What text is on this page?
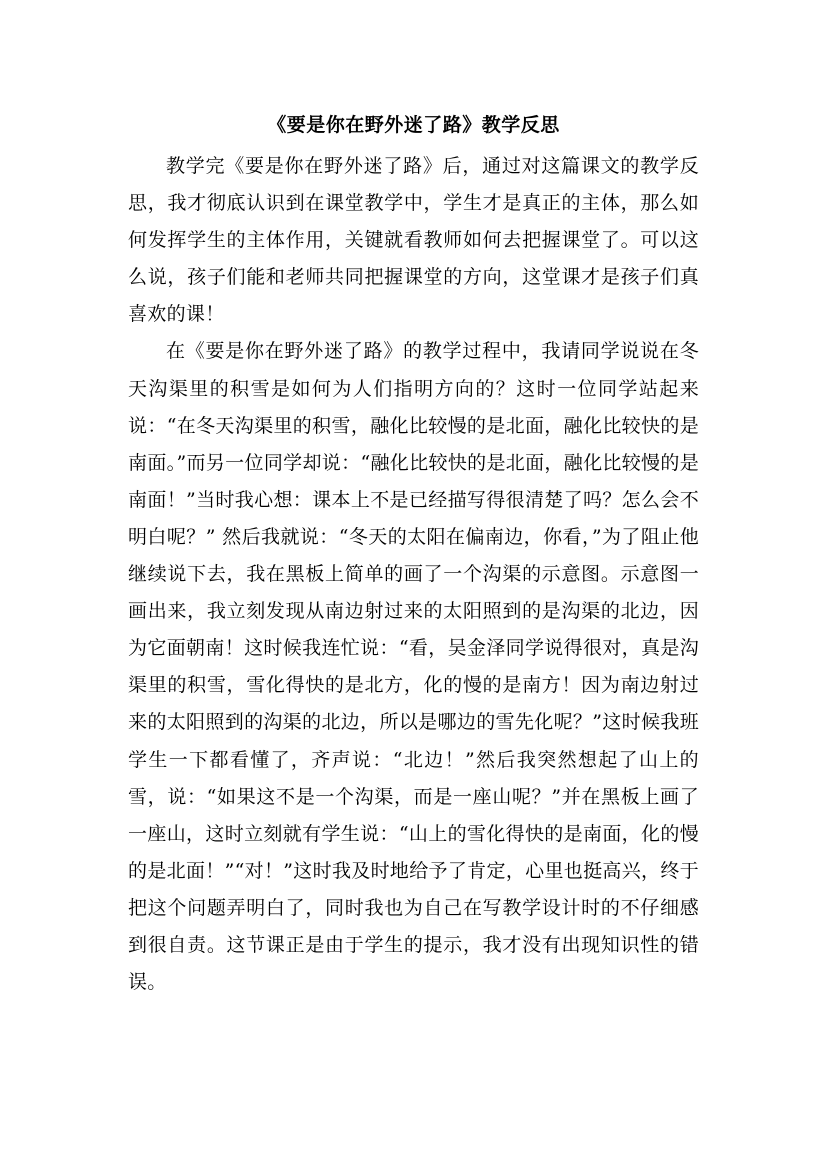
《要是你在野外迷了路》教学反思

教学完《要是你在野外迷了路》后，通过对这篇课文的教学反思，我才彻底认识到在课堂教学中，学生才是真正的主体，那么如何发挥学生的主体作用，关键就看教师如何去把握课堂了。可以这么说，孩子们能和老师共同把握课堂的方向，这堂课才是孩子们真喜欢的课！

在《要是你在野外迷了路》的教学过程中，我请同学说说在冬天沟渠里的积雪是如何为人们指明方向的？这时一位同学站起来说：“在冬天沟渠里的积雪，融化比较慢的是北面，融化比较快的是南面。”而另一位同学却说：“融化比较快的是北面，融化比较慢的是南面！”当时我心想：课本上不是已经描写得很清楚了吗？怎么会不明白呢？” 然后我就说：“冬天的太阳在偏南边，你看，”为了阻止他继续说下去，我在黑板上简单的画了一个沟渠的示意图。示意图一画出来，我立刻发现从南边射过来的太阳照到的是沟渠的北边，因为它面朝南！这时候我连忙说：“看，吴金泽同学说得很对，真是沟渠里的积雪，雪化得快的是北方，化的慢的是南方！因为南边射过来的太阳照到的沟渠的北边，所以是哪边的雪先化呢？”这时候我班学生一下都看懂了，齐声说：“北边！”然后我突然想起了山上的雪，说：“如果这不是一个沟渠，而是一座山呢？”并在黑板上画了一座山，这时立刻就有学生说：“山上的雪化得快的是南面，化的慢的是北面！”“对！”这时我及时地给予了肯定，心里也挺高兴，终于把这个问题弄明白了，同时我也为自己在写教学设计时的不仔细感到很自责。这节课正是由于学生的提示，我才没有出现知识性的错误。
